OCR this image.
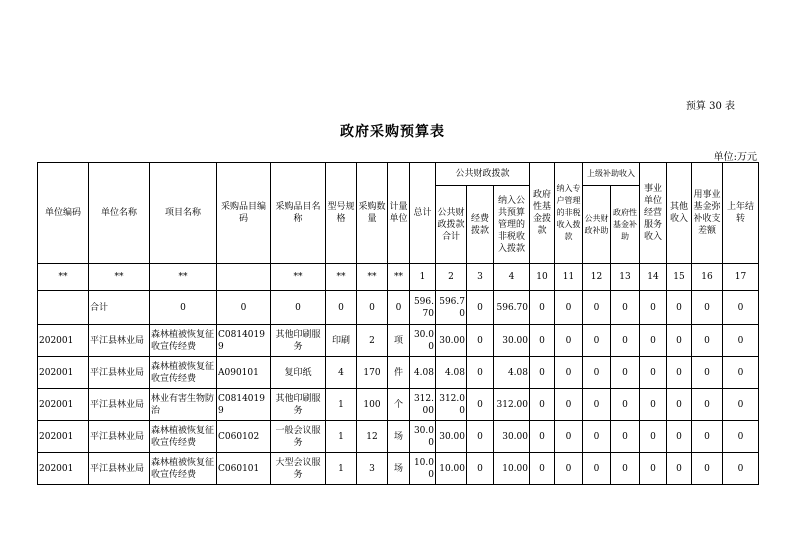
预算 30 表
政府采购预算表
单位:万元
单位编码	单位名称	项目名称	采购品目编码	采购品目名称	型号规格	采购数量	计量单位	总计	公共财政拨款			政府性基金拨款	纳入专户管理的非税收入拨款	上级补助收入		事业单位经营服务收入	其他收入	用事业基金弥补收支差额	上年结转
									公共财政拨款合计	经费拨款	纳入公共预算管理的非税收入拨款			公共财政补助	政府性基金补助				

**	**	**		**	**	**	**	1	2	3	4	10	11	12	13	14	15	16	17
	合计	0	0	0	0	0	0	596.70	596.70	0	596.70	0	0	0	0	0	0	0	0
202001	平江县林业局	森林植被恢复征收宣传经费	C08140199	其他印刷服务	印刷	2	项	30.00	30.00	0	30.00	0	0	0	0	0	0	0	0
202001	平江县林业局	森林植被恢复征收宣传经费	A090101	复印纸	4	170	件	4.08	4.08	0	4.08	0	0	0	0	0	0	0	0
202001	平江县林业局	林业有害生物防治	C08140199	其他印刷服务	1	100	个	312.00	312.00	0	312.00	0	0	0	0	0	0	0	0
202001	平江县林业局	森林植被恢复征收宣传经费	C060102	一般会议服务	1	12	场	30.00	30.00	0	30.00	0	0	0	0	0	0	0	0
202001	平江县林业局	森林植被恢复征收宣传经费	C060101	大型会议服务	1	3	场	10.00	10.00	0	10.00	0	0	0	0	0	0	0	0
